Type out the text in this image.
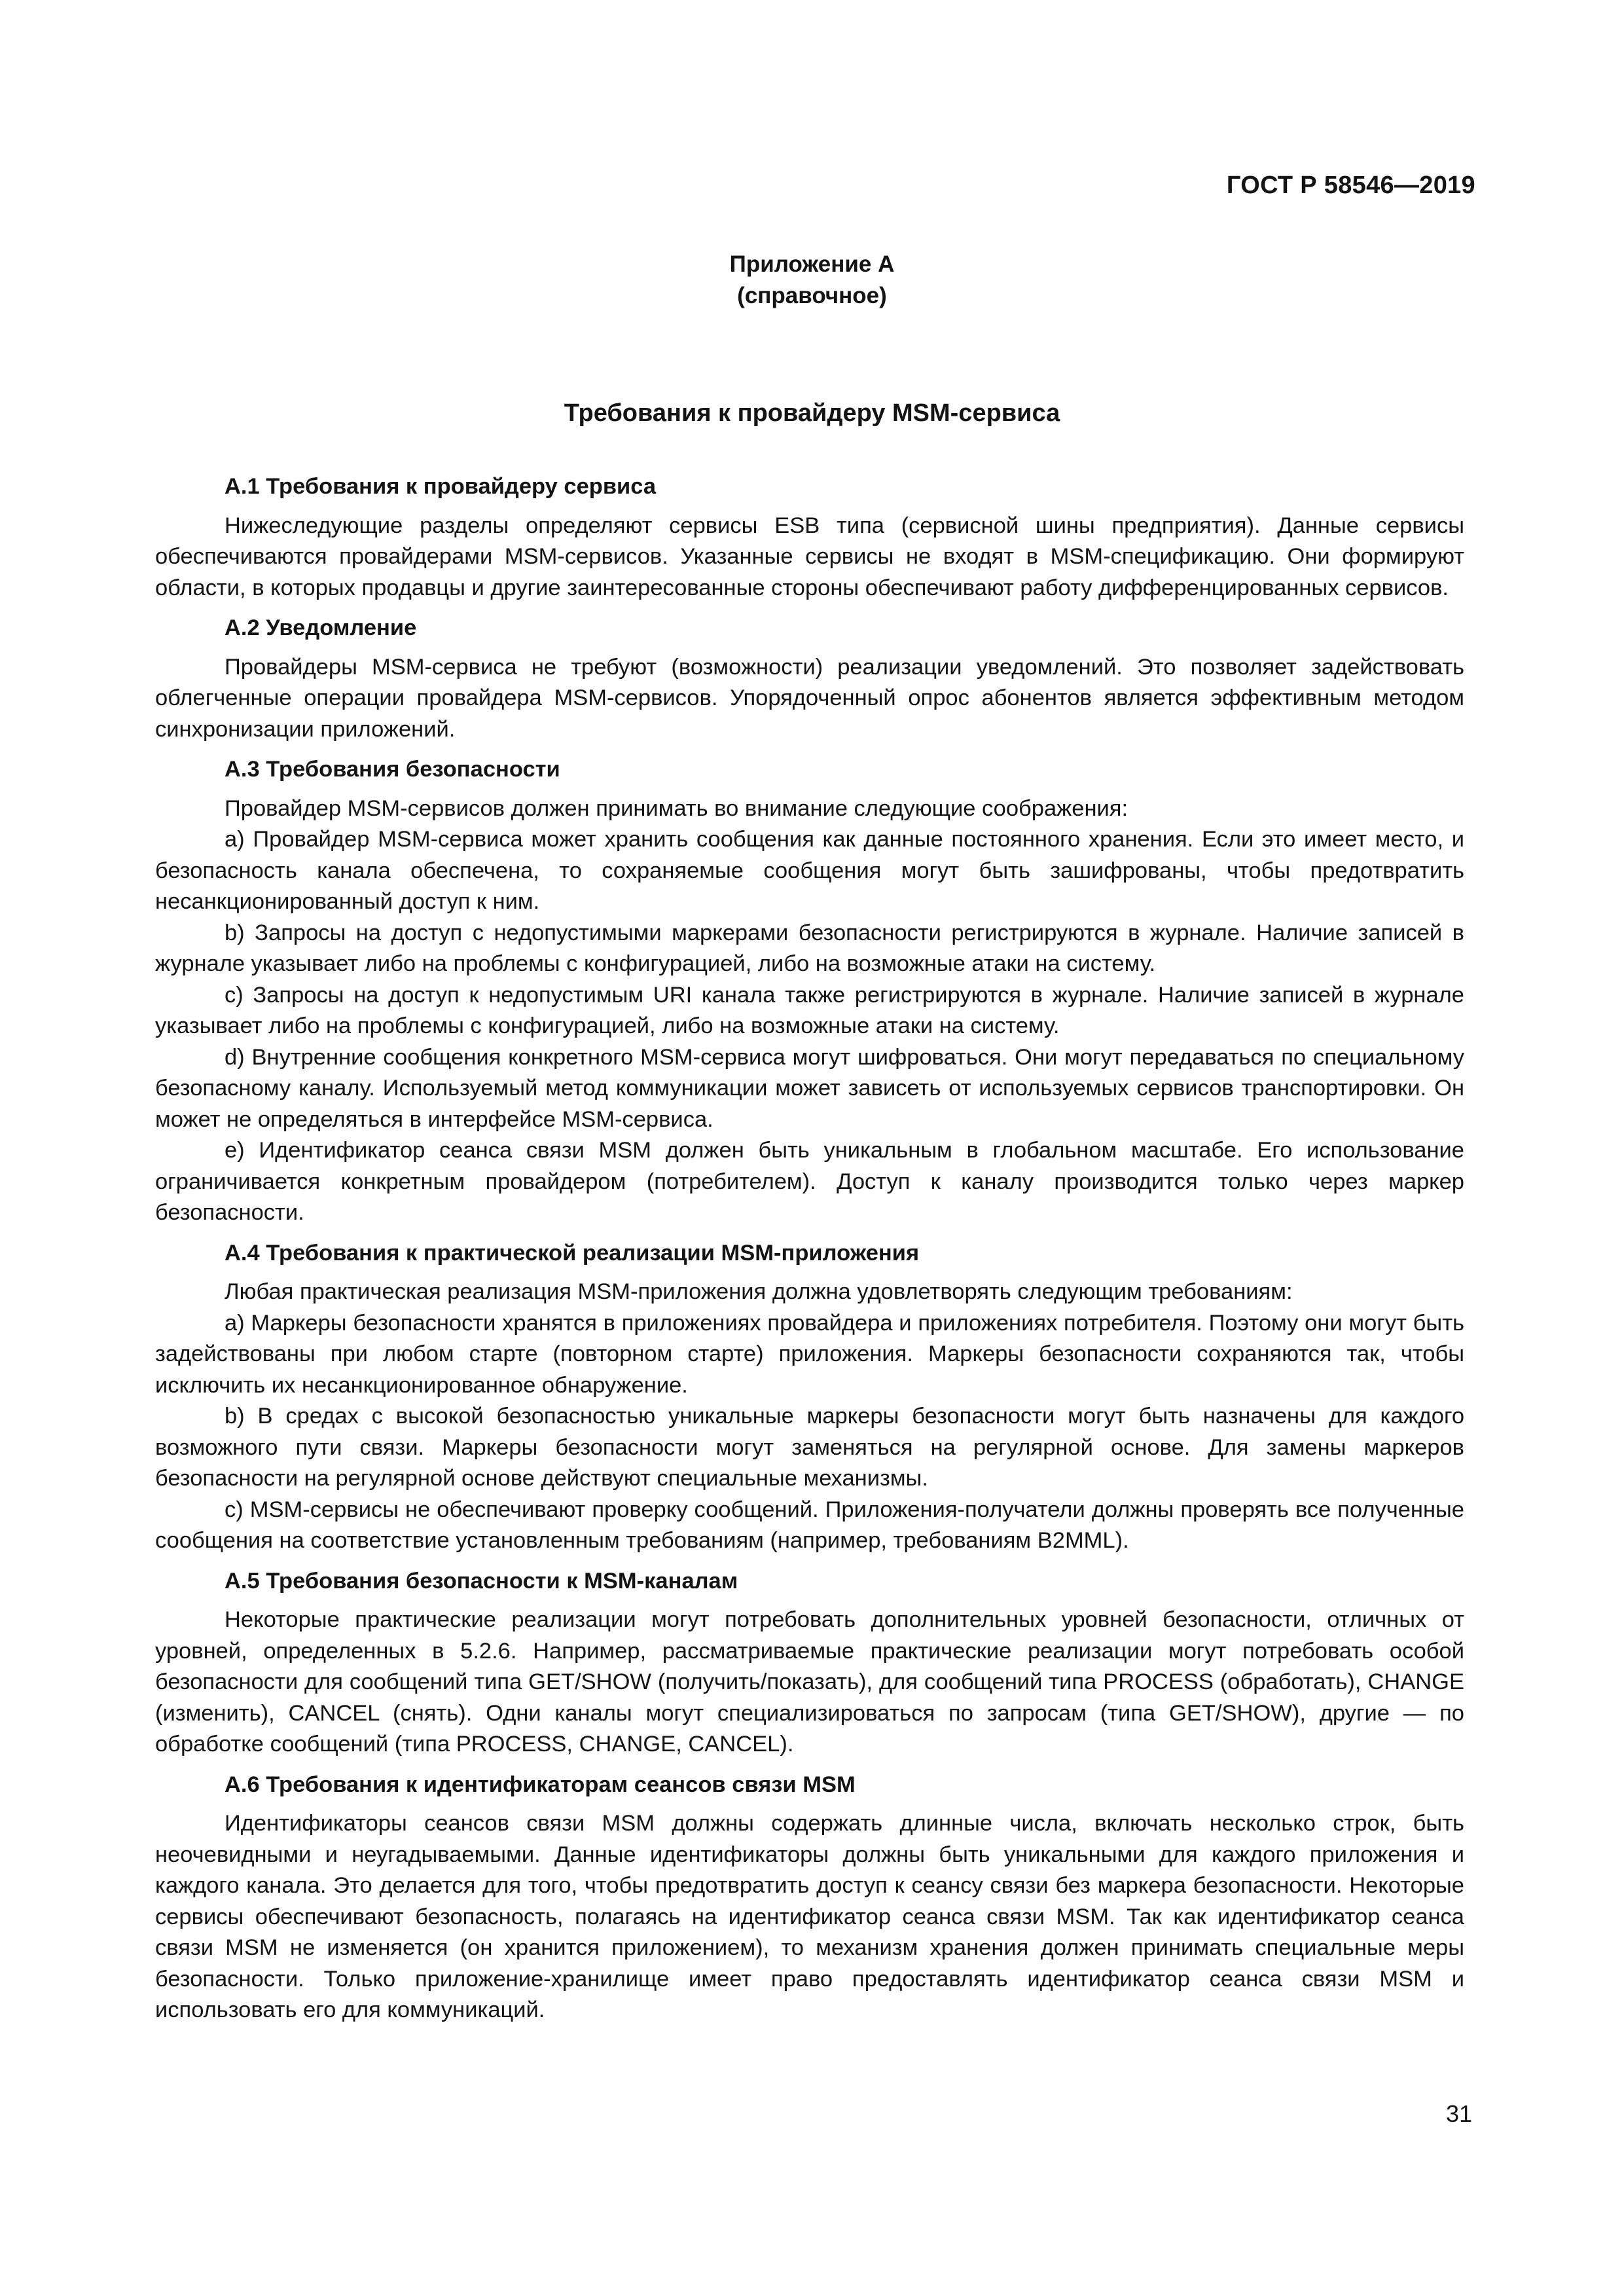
ГОСТ Р 58546—2019
Приложение А
(справочное)
Требования к провайдеру MSM-сервиса

А.1 Требования к провайдеру сервиса

Нижеследующие разделы определяют сервисы ESB типа (сервисной шины предприятия). Данные сервисы обеспечиваются провайдерами MSM-сервисов. Указанные сервисы не входят в MSM-спецификацию. Они формируют области, в которых продавцы и другие заинтересованные стороны обеспечивают работу дифференцированных сервисов.

А.2 Уведомление

Провайдеры MSM-сервиса не требуют (возможности) реализации уведомлений. Это позволяет задействовать облегченные операции провайдера MSM-сервисов. Упорядоченный опрос абонентов является эффективным методом синхронизации приложений.

А.3 Требования безопасности

Провайдер MSM-сервисов должен принимать во внимание следующие соображения:

a) Провайдер MSM-сервиса может хранить сообщения как данные постоянного хранения. Если это имеет место, и безопасность канала обеспечена, то сохраняемые сообщения могут быть зашифрованы, чтобы предотвратить несанкционированный доступ к ним.

b) Запросы на доступ с недопустимыми маркерами безопасности регистрируются в журнале. Наличие записей в журнале указывает либо на проблемы с конфигурацией, либо на возможные атаки на систему.

c) Запросы на доступ к недопустимым URI канала также регистрируются в журнале. Наличие записей в журнале указывает либо на проблемы с конфигурацией, либо на возможные атаки на систему.

d) Внутренние сообщения конкретного MSM-сервиса могут шифроваться. Они могут передаваться по специальному безопасному каналу. Используемый метод коммуникации может зависеть от используемых сервисов транспортировки. Он может не определяться в интерфейсе MSM-сервиса.

e) Идентификатор сеанса связи MSM должен быть уникальным в глобальном масштабе. Его использование ограничивается конкретным провайдером (потребителем). Доступ к каналу производится только через маркер безопасности.

А.4 Требования к практической реализации MSM-приложения

Любая практическая реализация MSM-приложения должна удовлетворять следующим требованиям:

a) Маркеры безопасности хранятся в приложениях провайдера и приложениях потребителя. Поэтому они могут быть задействованы при любом старте (повторном старте) приложения. Маркеры безопасности сохраняются так, чтобы исключить их несанкционированное обнаружение.

b) В средах с высокой безопасностью уникальные маркеры безопасности могут быть назначены для каждого возможного пути связи. Маркеры безопасности могут заменяться на регулярной основе. Для замены маркеров безопасности на регулярной основе действуют специальные механизмы.

c) MSM-сервисы не обеспечивают проверку сообщений. Приложения-получатели должны проверять все полученные сообщения на соответствие установленным требованиям (например, требованиям B2MML).

А.5 Требования безопасности к MSM-каналам

Некоторые практические реализации могут потребовать дополнительных уровней безопасности, отличных от уровней, определенных в 5.2.6. Например, рассматриваемые практические реализации могут потребовать особой безопасности для сообщений типа GET/SHOW (получить/показать), для сообщений типа PROCESS (обработать), CHANGE (изменить), CANCEL (снять). Одни каналы могут специализироваться по запросам (типа GET/SHOW), другие — по обработке сообщений (типа PROCESS, CHANGE, CANCEL).

А.6 Требования к идентификаторам сеансов связи MSM

Идентификаторы сеансов связи MSM должны содержать длинные числа, включать несколько строк, быть неочевидными и неугадываемыми. Данные идентификаторы должны быть уникальными для каждого приложения и каждого канала. Это делается для того, чтобы предотвратить доступ к сеансу связи без маркера безопасности. Некоторые сервисы обеспечивают безопасность, полагаясь на идентификатор сеанса связи MSM. Так как идентификатор сеанса связи MSM не изменяется (он хранится приложением), то механизм хранения должен принимать специальные меры безопасности. Только приложение-хранилище имеет право предоставлять идентификатор сеанса связи MSM и использовать его для коммуникаций.

31
